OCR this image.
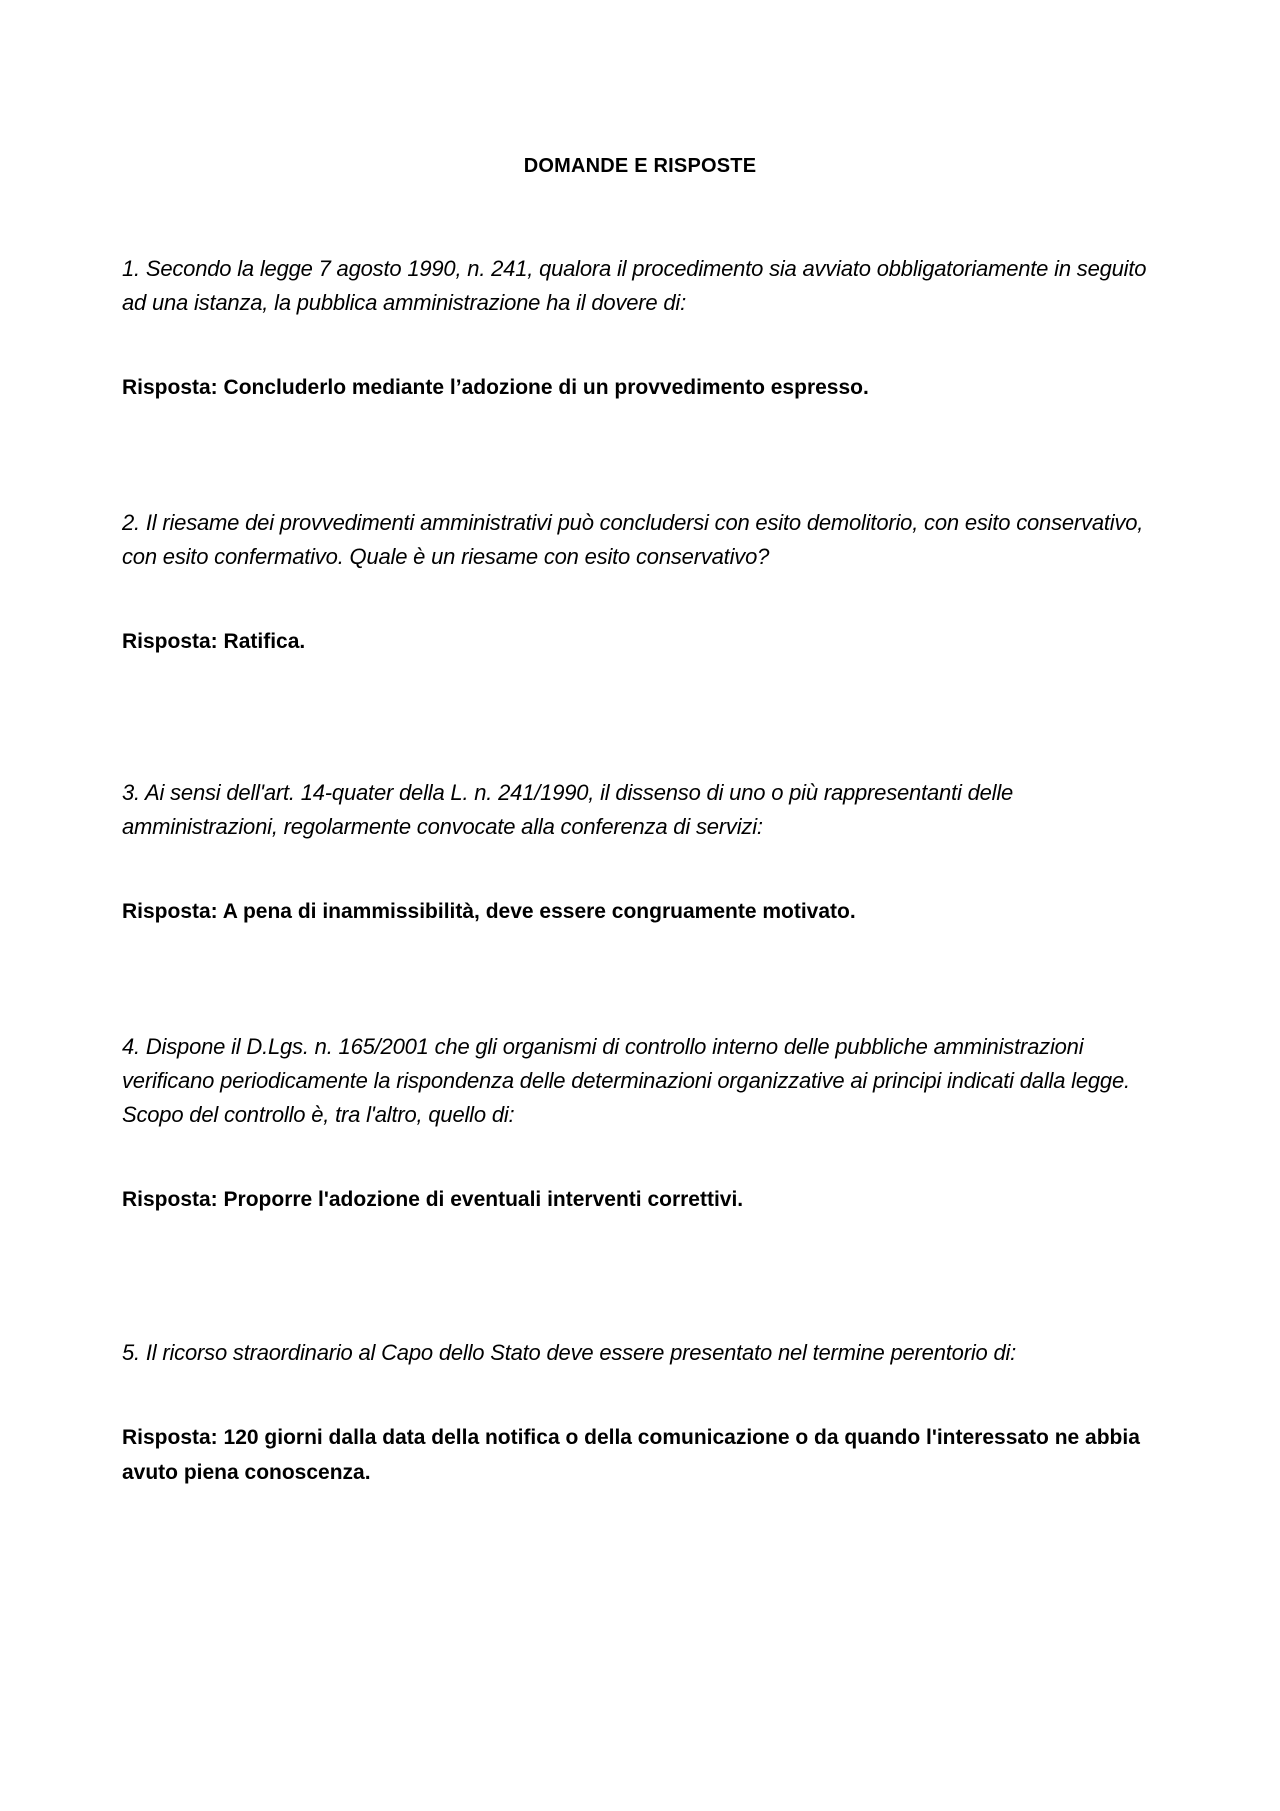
DOMANDE E RISPOSTE

1. Secondo la legge 7 agosto 1990, n. 241, qualora il procedimento sia avviato obbligatoriamente in seguito ad una istanza, la pubblica amministrazione ha il dovere di:

Risposta: Concluderlo mediante l’adozione di un provvedimento espresso.

2. Il riesame dei provvedimenti amministrativi può concludersi con esito demolitorio, con esito conservativo, con esito confermativo. Quale è un riesame con esito conservativo?

Risposta: Ratifica.

3. Ai sensi dell'art. 14-quater della L. n. 241/1990, il dissenso di uno o più rappresentanti delle amministrazioni, regolarmente convocate alla conferenza di servizi:

Risposta: A pena di inammissibilità, deve essere congruamente motivato.

4. Dispone il D.Lgs. n. 165/2001 che gli organismi di controllo interno delle pubbliche amministrazioni verificano periodicamente la rispondenza delle determinazioni organizzative ai principi indicati dalla legge. Scopo del controllo è, tra l'altro, quello di:

Risposta: Proporre l'adozione di eventuali interventi correttivi.

5. Il ricorso straordinario al Capo dello Stato deve essere presentato nel termine perentorio di:

Risposta: 120 giorni dalla data della notifica o della comunicazione o da quando l'interessato ne abbia avuto piena conoscenza.
